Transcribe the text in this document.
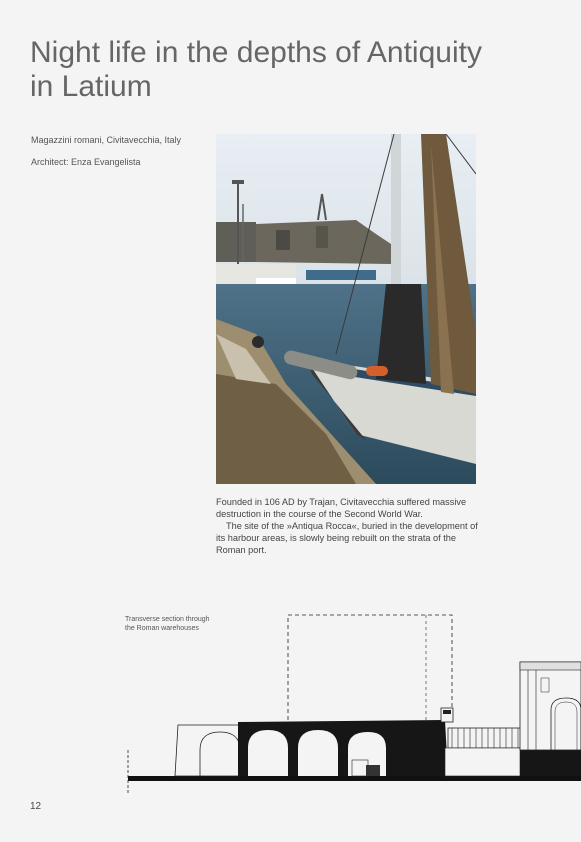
Night life in the depths of Antiquity
in Latium
Magazzini romani, Civitavecchia, Italy
Architect: Enza Evangelista

Founded in 106 AD by Trajan, Civitavecchia suffered massive destruction in the course of the Second World War.

The site of the »Antiqua Rocca«, buried in the development of its harbour areas, is slowly being rebuilt on the strata of the Roman port.

Transverse section through
the Roman warehouses
12
